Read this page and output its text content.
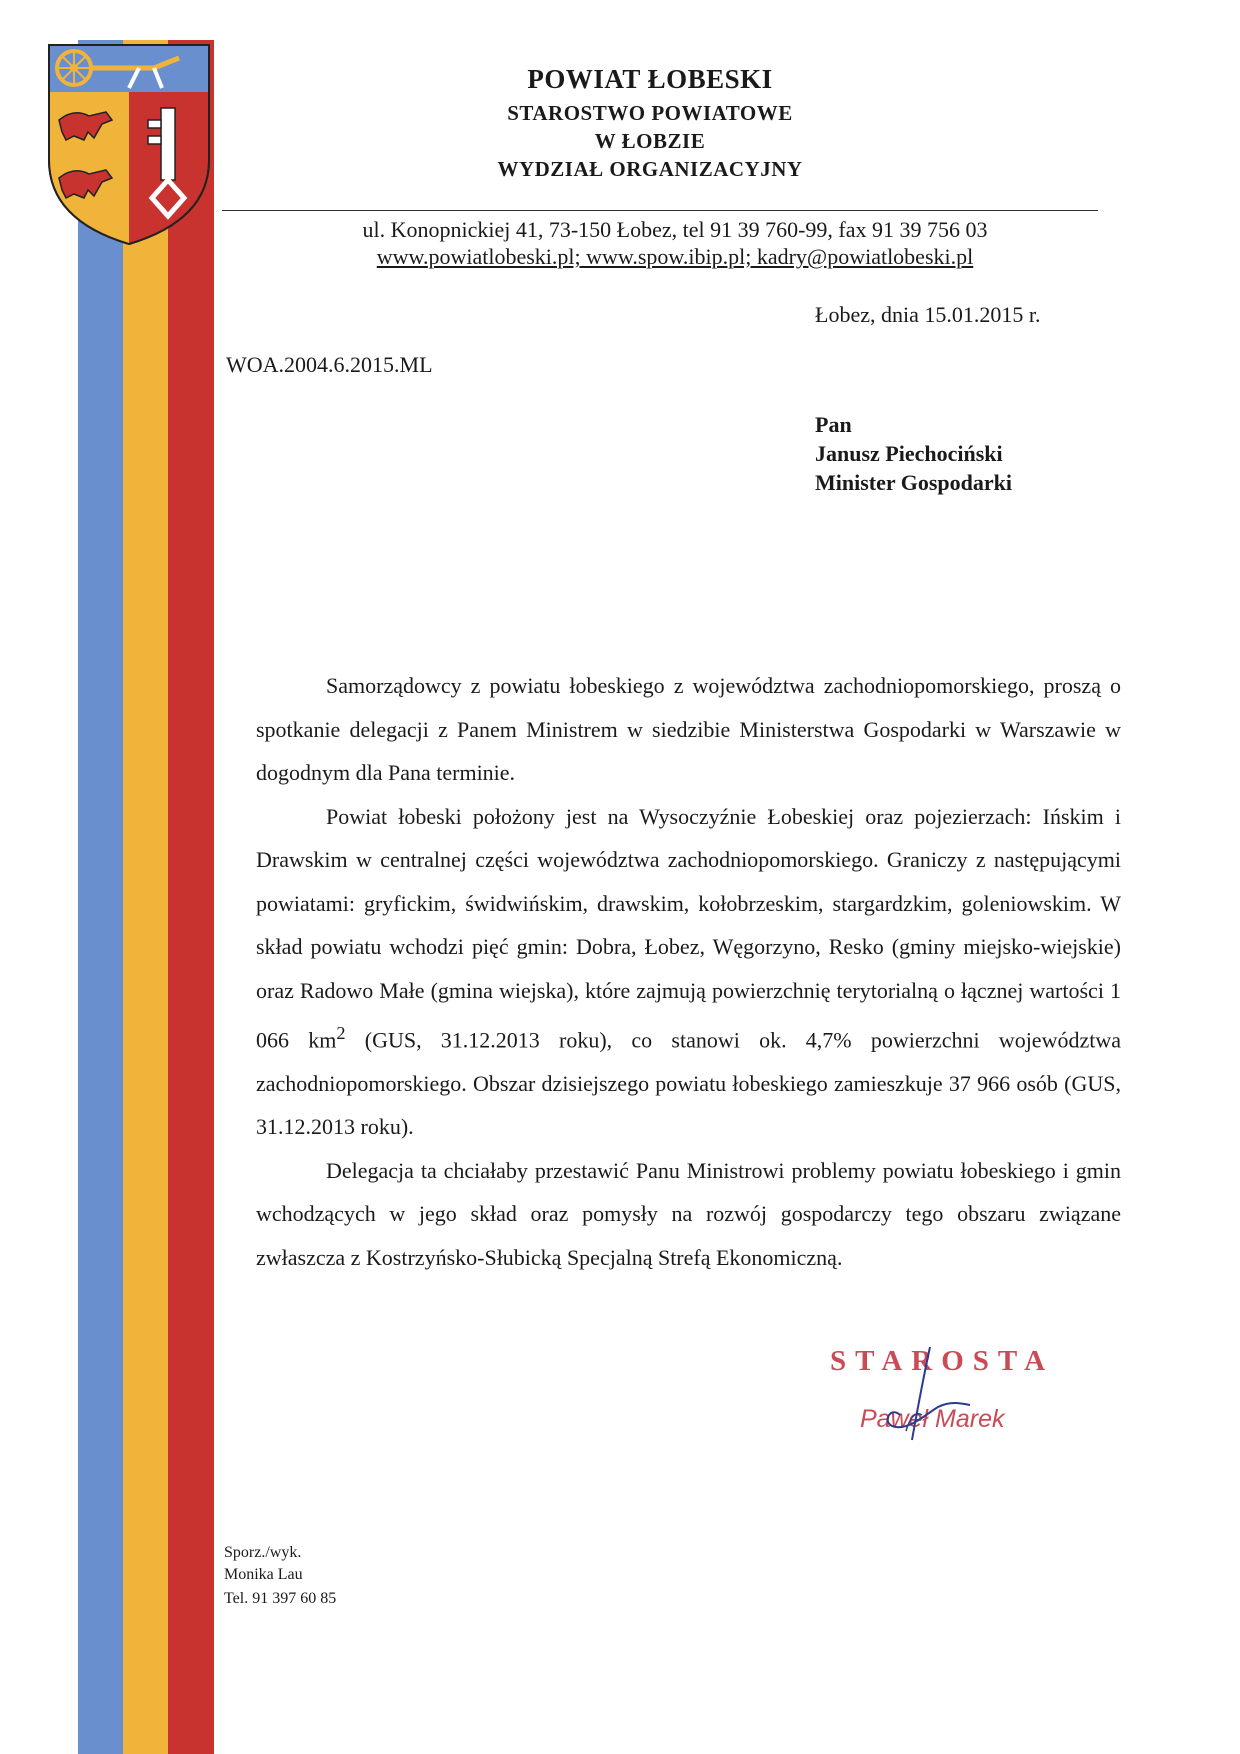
POWIAT ŁOBESKI
STAROSTWO POWIATOWE
W ŁOBZIE
WYDZIAŁ ORGANIZACYJNY
ul. Konopnickiej 41, 73-150 Łobez, tel 91 39 760-99, fax 91 39 756 03
www.powiatlobeski.pl; www.spow.ibip.pl; kadry@powiatlobeski.pl
Łobez, dnia 15.01.2015 r.
WOA.2004.6.2015.ML
Pan
Janusz Piechociński
Minister Gospodarki

Samorządowcy z powiatu łobeskiego z województwa zachodniopomorskiego, proszą o spotkanie delegacji z Panem Ministrem w siedzibie Ministerstwa Gospodarki w Warszawie w dogodnym dla Pana terminie.

Powiat łobeski położony jest na Wysoczyźnie Łobeskiej oraz pojezierzach: Ińskim i Drawskim w centralnej części województwa zachodniopomorskiego. Graniczy z następującymi powiatami: gryfickim, świdwińskim, drawskim, kołobrzeskim, stargardzkim, goleniowskim. W skład powiatu wchodzi pięć gmin: Dobra, Łobez, Węgorzyno, Resko (gminy miejsko-wiejskie) oraz Radowo Małe (gmina wiejska), które zajmują powierzchnię terytorialną o łącznej wartości 1 066 $km^2$ (GUS, 31.12.2013 roku), co stanowi ok. 4,7% powierzchni województwa zachodniopomorskiego. Obszar dzisiejszego powiatu łobeskiego zamieszkuje 37 966 osób (GUS, 31.12.2013 roku).

Delegacja ta chciałaby przestawić Panu Ministrowi problemy powiatu łobeskiego i gmin wchodzących w jego skład oraz pomysły na rozwój gospodarczy tego obszaru związane zwłaszcza z Kostrzyńsko-Słubicką Specjalną Strefą Ekonomiczną.

STAROSTA
Paweł Marek
Sporz./wyk.
Monika Lau
Tel. 91 397 60 85
